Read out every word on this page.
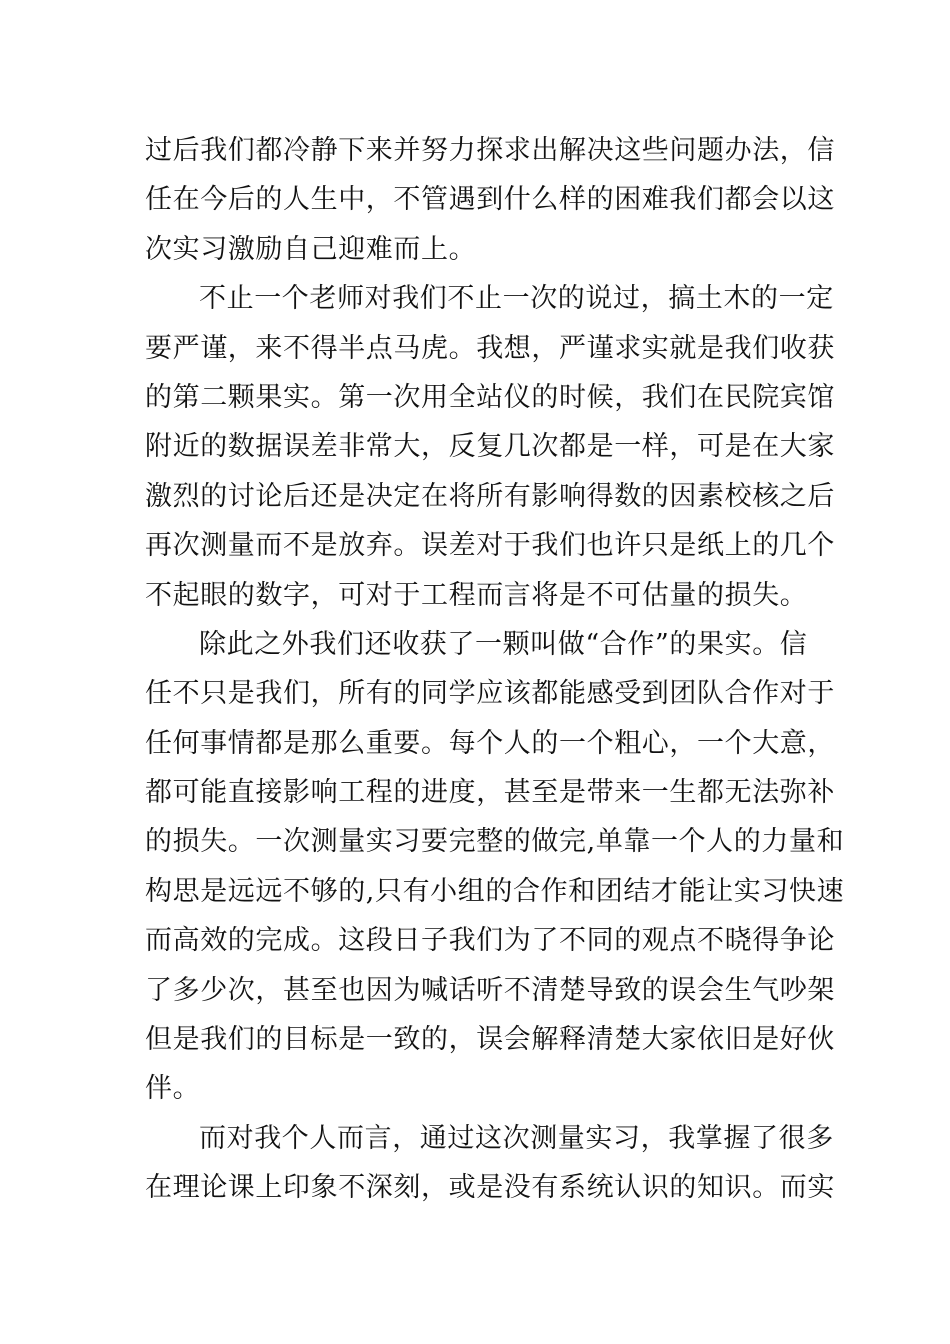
过后我们都冷静下来并努力探求出解决这些问题办法，信
任在今后的人生中，不管遇到什么样的困难我们都会以这
次实习激励自己迎难而上。
不止一个老师对我们不止一次的说过，搞土木的一定
要严谨，来不得半点马虎。我想，严谨求实就是我们收获
的第二颗果实。第一次用全站仪的时候，我们在民院宾馆
附近的数据误差非常大，反复几次都是一样，可是在大家
激烈的讨论后还是决定在将所有影响得数的因素校核之后
再次测量而不是放弃。误差对于我们也许只是纸上的几个
不起眼的数字，可对于工程而言将是不可估量的损失。
除此之外我们还收获了一颗叫做“合作”的果实。信
任不只是我们，所有的同学应该都能感受到团队合作对于
任何事情都是那么重要。每个人的一个粗心，一个大意，
都可能直接影响工程的进度，甚至是带来一生都无法弥补
的损失。一次测量实习要完整的做完,单靠一个人的力量和
构思是远远不够的,只有小组的合作和团结才能让实习快速
而高效的完成。这段日子我们为了不同的观点不晓得争论
了多少次，甚至也因为喊话听不清楚导致的误会生气吵架
但是我们的目标是一致的，误会解释清楚大家依旧是好伙
伴。
而对我个人而言，通过这次测量实习，我掌握了很多
在理论课上印象不深刻，或是没有系统认识的知识。而实
